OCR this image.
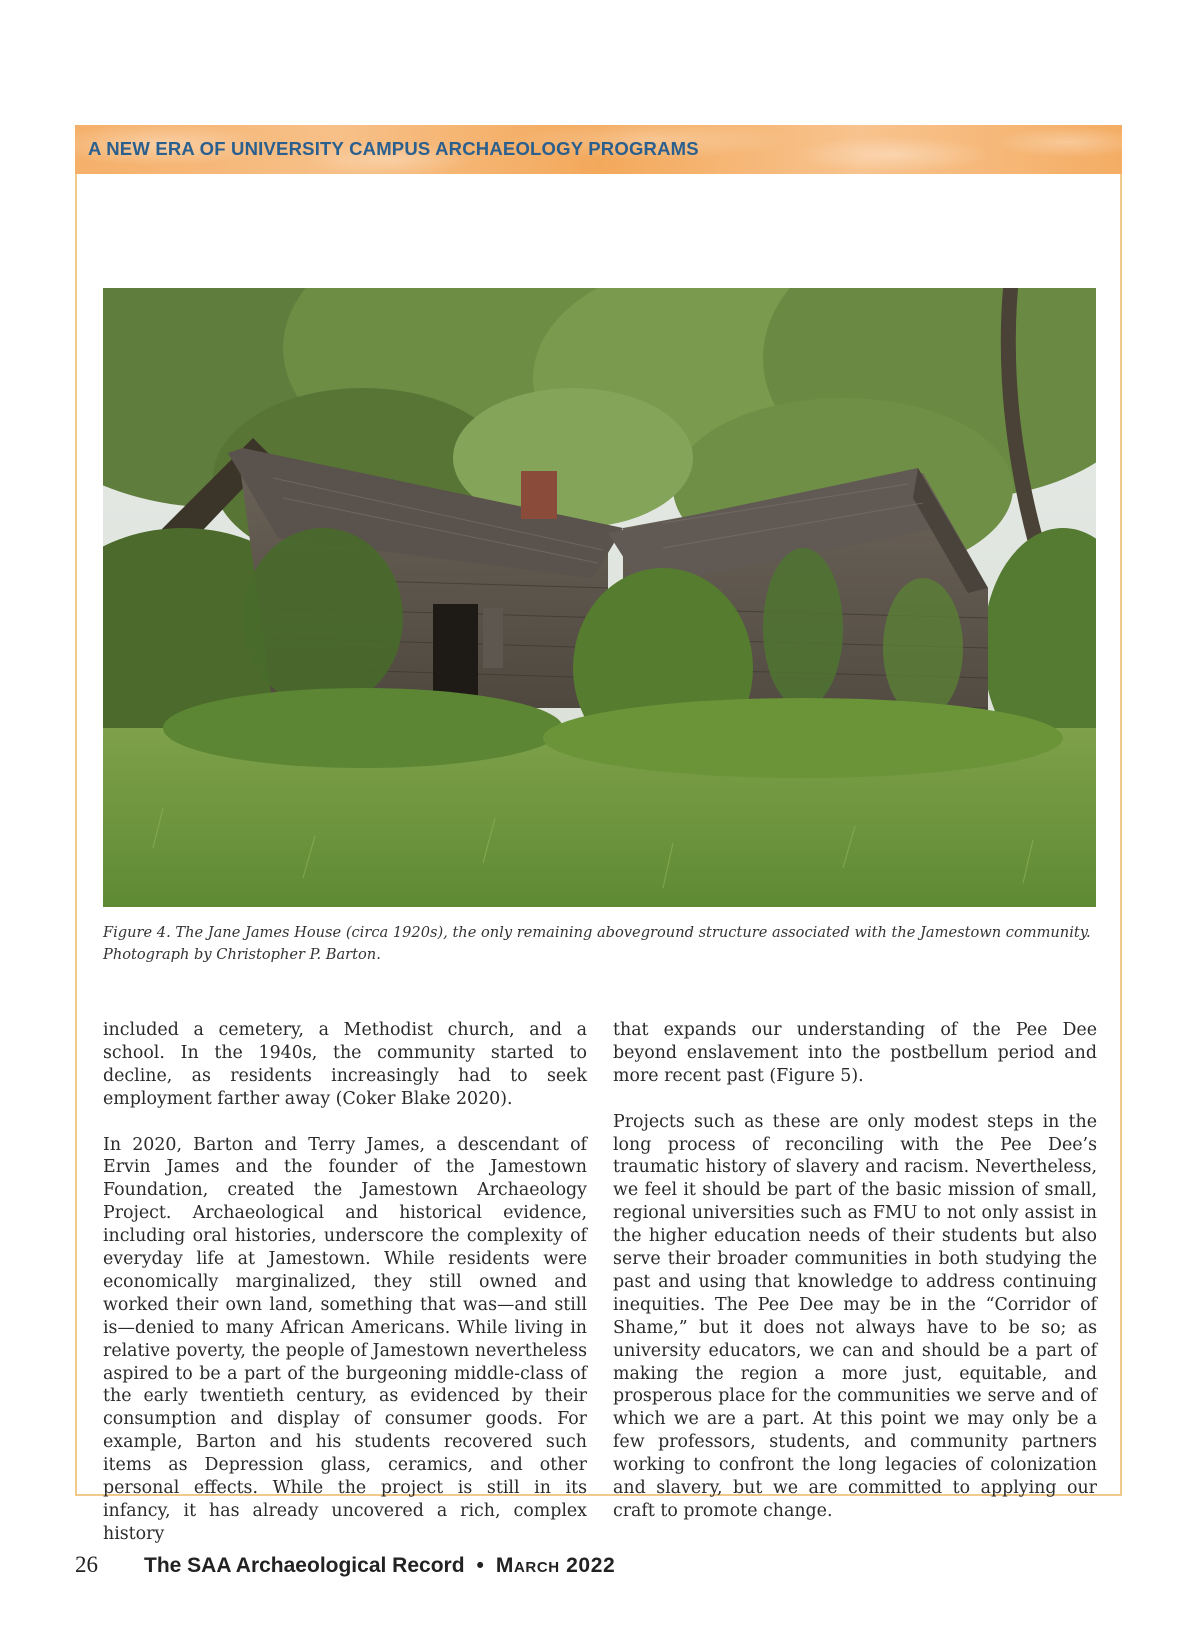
A NEW ERA OF UNIVERSITY CAMPUS ARCHAEOLOGY PROGRAMS
Figure 4. The Jane James House (circa 1920s), the only remaining aboveground structure associated with the Jamestown community. Photograph by Christopher P. Barton.

included a cemetery, a Methodist church, and a school. In the 1940s, the community started to decline, as residents increasingly had to seek employment farther away (Coker Blake 2020).

In 2020, Barton and Terry James, a descendant of Ervin James and the founder of the Jamestown Foundation, created the Jamestown Archaeology Project. Archaeological and historical evidence, including oral histories, underscore the complexity of everyday life at Jamestown. While residents were economically marginalized, they still owned and worked their own land, something that was—and still is—denied to many African Americans. While living in relative poverty, the people of Jamestown nevertheless aspired to be a part of the burgeoning middle-class of the early twentieth century, as evidenced by their consumption and display of consumer goods. For example, Barton and his students recovered such items as Depression glass, ceramics, and other personal effects. While the project is still in its infancy, it has already uncovered a rich, complex history

that expands our understanding of the Pee Dee beyond enslavement into the postbellum period and more recent past (Figure 5).

Projects such as these are only modest steps in the long process of reconciling with the Pee Dee’s traumatic history of slavery and racism. Nevertheless, we feel it should be part of the basic mission of small, regional universities such as FMU to not only assist in the higher education needs of their students but also serve their broader communities in both studying the past and using that knowledge to address continuing inequities. The Pee Dee may be in the “Corridor of Shame,” but it does not always have to be so; as university educators, we can and should be a part of making the region a more just, equitable, and prosperous place for the communities we serve and of which we are a part. At this point we may only be a few professors, students, and community partners working to confront the long legacies of colonization and slavery, but we are committed to applying our craft to promote change.

26 The SAA Archaeological Record • March 2022
